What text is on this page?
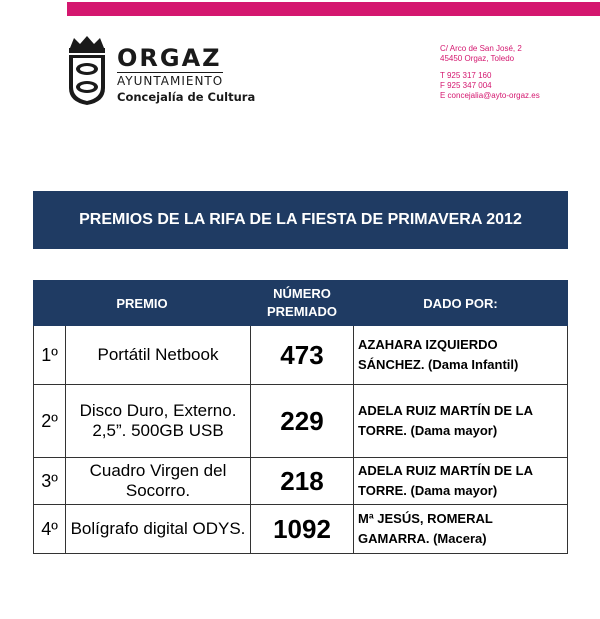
ORGAZ
AYUNTAMIENTO
Concejalía de Cultura
C/ Arco de San José, 2
45450 Orgaz, Toledo
T 925 317 160
F 925 347 004
E concejalia@ayto-orgaz.es
PREMIOS DE LA RIFA DE LA FIESTA DE PRIMAVERA 2012
PREMIO		NÚMERO PREMIADO	DADO POR:
1º	Portátil Netbook	473	AZAHARA IZQUIERDO SÁNCHEZ. (Dama Infantil)
2º	Disco Duro, Externo. 2,5”. 500GB USB	229	ADELA RUIZ MARTÍN DE LA TORRE. (Dama mayor)
3º	Cuadro Virgen del Socorro.	218	ADELA RUIZ MARTÍN DE LA TORRE. (Dama mayor)
4º	Bolígrafo digital ODYS.	1092	Mª JESÚS, ROMERAL GAMARRA. (Macera)
